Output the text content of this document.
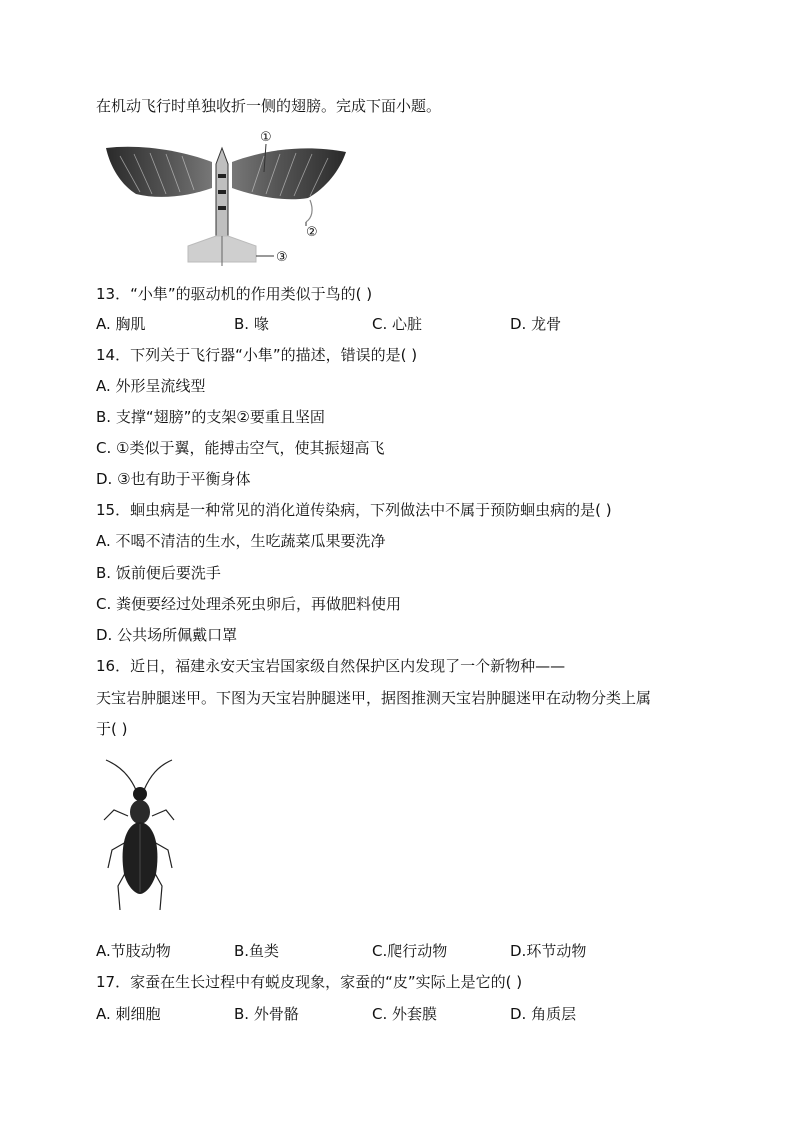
在机动飞行时单独收折一侧的翅膀。完成下面小题。
①
②
③
13．“小隼”的驱动机的作用类似于鸟的( )
A. 胸肌	B. 喙	C. 心脏	D. 龙骨
14．下列关于飞行器“小隼”的描述，错误的是( )
A. 外形呈流线型
B. 支撑“翅膀”的支架②要重且坚固
C. ①类似于翼，能搏击空气，使其振翅高飞
D. ③也有助于平衡身体
15．蛔虫病是一种常见的消化道传染病，下列做法中不属于预防蛔虫病的是( )
A. 不喝不清洁的生水，生吃蔬菜瓜果要洗净
B. 饭前便后要洗手
C. 粪便要经过处理杀死虫卵后，再做肥料使用
D. 公共场所佩戴口罩
16．近日，福建永安天宝岩国家级自然保护区内发现了一个新物种——
天宝岩肿腿迷甲。下图为天宝岩肿腿迷甲，据图推测天宝岩肿腿迷甲在动物分类上属
于( )
A.节肢动物	B.鱼类	C.爬行动物	D.环节动物
17．家蚕在生长过程中有蜕皮现象，家蚕的“皮”实际上是它的( )
A. 刺细胞	B. 外骨骼	C. 外套膜	D. 角质层
